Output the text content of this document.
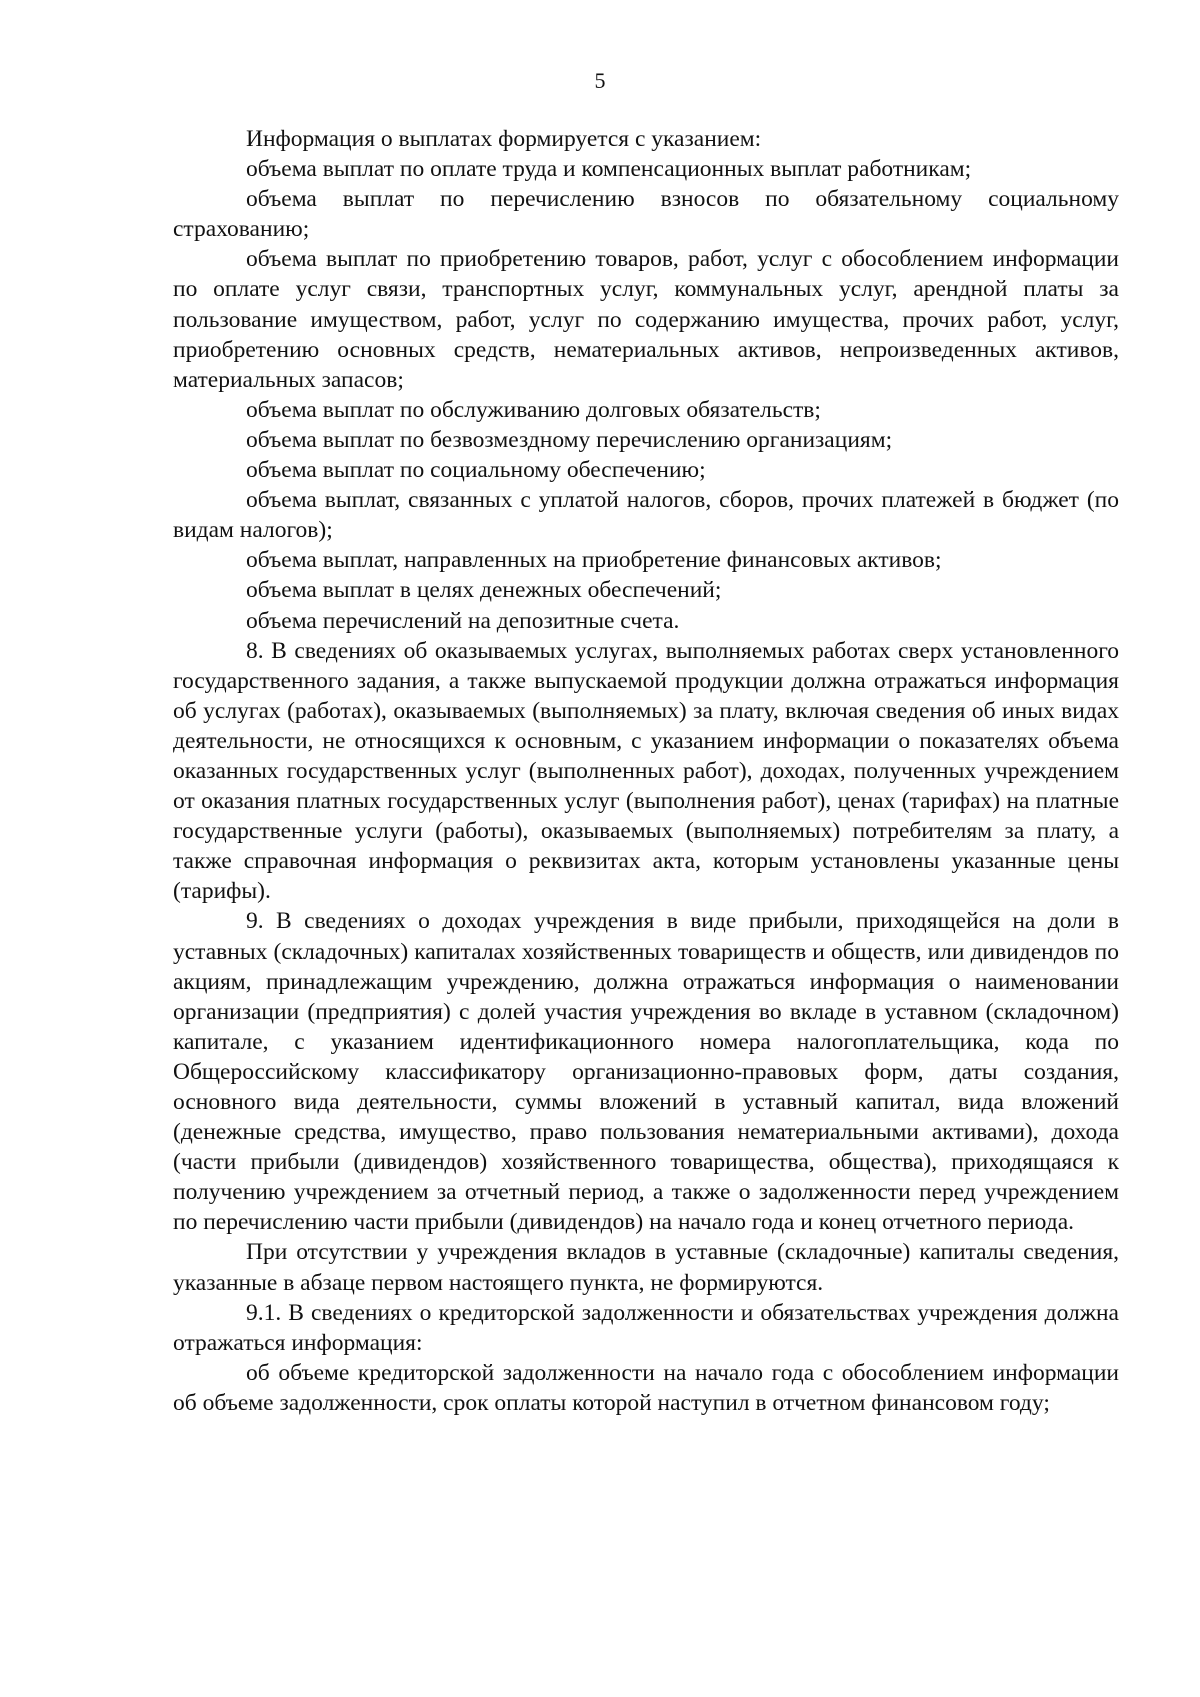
5

Информация о выплатах формируется с указанием:

объема выплат по оплате труда и компенсационных выплат работникам;

объема выплат по перечислению взносов по обязательному социальному страхованию;

объема выплат по приобретению товаров, работ, услуг с обособлением информации по оплате услуг связи, транспортных услуг, коммунальных услуг, арендной платы за пользование имуществом, работ, услуг по содержанию имущества, прочих работ, услуг, приобретению основных средств, нематериальных активов, непроизведенных активов, материальных запасов;

объема выплат по обслуживанию долговых обязательств;

объема выплат по безвозмездному перечислению организациям;

объема выплат по социальному обеспечению;

объема выплат, связанных с уплатой налогов, сборов, прочих платежей в бюджет (по видам налогов);

объема выплат, направленных на приобретение финансовых активов;

объема выплат в целях денежных обеспечений;

объема перечислений на депозитные счета.

8. В сведениях об оказываемых услугах, выполняемых работах сверх установленного государственного задания, а также выпускаемой продукции должна отражаться информация об услугах (работах), оказываемых (выполняемых) за плату, включая сведения об иных видах деятельности, не относящихся к основным, с указанием информации о показателях объема оказанных государственных услуг (выполненных работ), доходах, полученных учреждением от оказания платных государственных услуг (выполнения работ), ценах (тарифах) на платные государственные услуги (работы), оказываемых (выполняемых) потребителям за плату, а также справочная информация о реквизитах акта, которым установлены указанные цены (тарифы).

9. В сведениях о доходах учреждения в виде прибыли, приходящейся на доли в уставных (складочных) капиталах хозяйственных товариществ и обществ, или дивидендов по акциям, принадлежащим учреждению, должна отражаться информация о наименовании организации (предприятия) с долей участия учреждения во вкладе в уставном (складочном) капитале, с указанием идентификационного номера налогоплательщика, кода по Общероссийскому классификатору организационно-правовых форм, даты создания, основного вида деятельности, суммы вложений в уставный капитал, вида вложений (денежные средства, имущество, право пользования нематериальными активами), дохода (части прибыли (дивидендов) хозяйственного товарищества, общества), приходящаяся к получению учреждением за отчетный период, а также о задолженности перед учреждением по перечислению части прибыли (дивидендов) на начало года и конец отчетного периода.

При отсутствии у учреждения вкладов в уставные (складочные) капиталы сведения, указанные в абзаце первом настоящего пункта, не формируются.

9.1. В сведениях о кредиторской задолженности и обязательствах учреждения должна отражаться информация:

об объеме кредиторской задолженности на начало года с обособлением информации об объеме задолженности, срок оплаты которой наступил в отчетном финансовом году;
